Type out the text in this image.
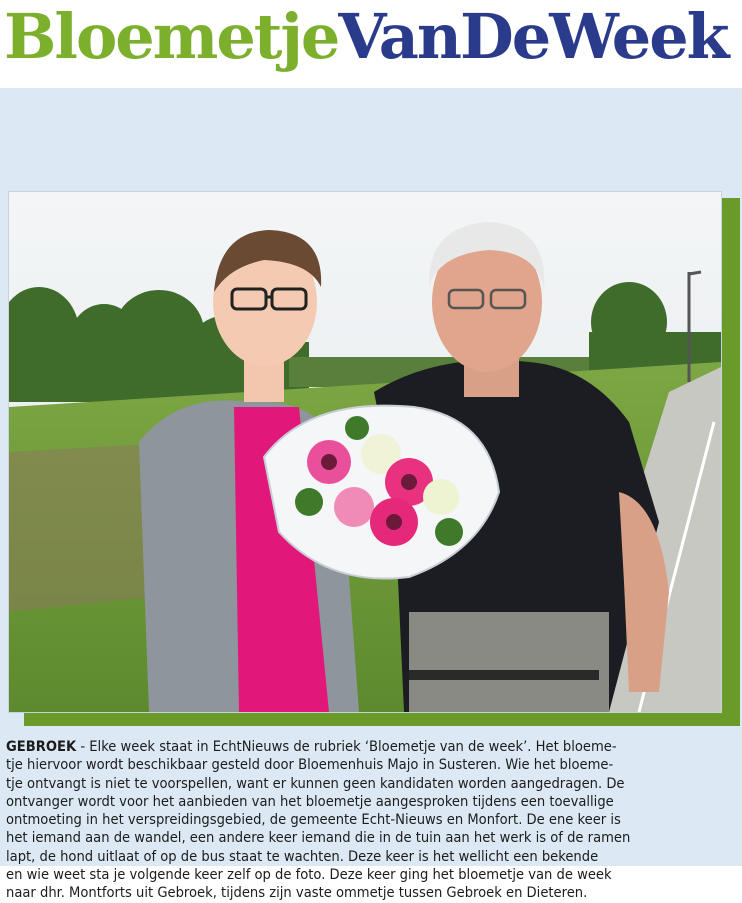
BloemetjeVanDeWeek
GEBROEK - Elke week staat in EchtNieuws de rubriek ‘Bloemetje van de week’. Het bloeme-
tje hiervoor wordt beschikbaar gesteld door Bloemenhuis Majo in Susteren. Wie het bloeme-
tje ontvangt is niet te voorspellen, want er kunnen geen kandidaten worden aangedragen. De
ontvanger wordt voor het aanbieden van het bloemetje aangesproken tijdens een toevallige
ontmoeting in het verspreidingsgebied, de gemeente Echt-Nieuws en Monfort. De ene keer is
het iemand aan de wandel, een andere keer iemand die in de tuin aan het werk is of de ramen
lapt, de hond uitlaat of op de bus staat te wachten. Deze keer is het wellicht een bekende
en wie weet sta je volgende keer zelf op de foto. Deze keer ging het bloemetje van de week
naar dhr. Montforts uit Gebroek, tijdens zijn vaste ommetje tussen Gebroek en Dieteren.
